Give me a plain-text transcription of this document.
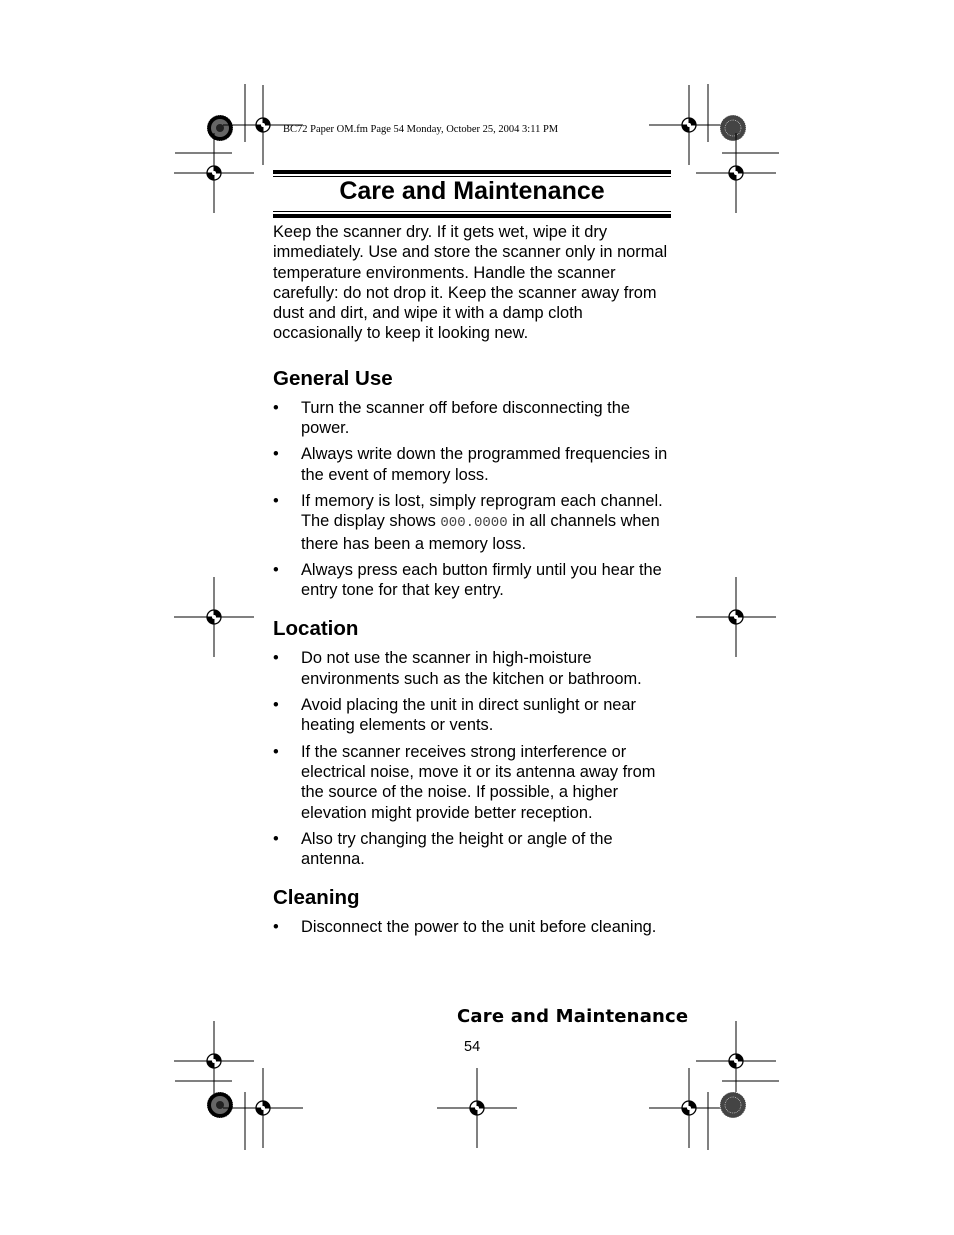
BC72 Paper OM.fm Page 54 Monday, October 25, 2004 3:11 PM
Care and Maintenance

Keep the scanner dry. If it gets wet, wipe it dry immediately. Use and store the scanner only in normal temperature environments. Handle the scanner carefully: do not drop it. Keep the scanner away from dust and dirt, and wipe it with a damp cloth occasionally to keep it looking new.

General Use
• Turn the scanner off before disconnecting the power.
• Always write down the programmed frequencies in the event of memory loss.
• If memory is lost, simply reprogram each channel. The display shows 000.0000 in all channels when there has been a memory loss.
• Always press each button firmly until you hear the entry tone for that key entry.
Location
• Do not use the scanner in high-moisture environments such as the kitchen or bathroom.
• Avoid placing the unit in direct sunlight or near heating elements or vents.
• If the scanner receives strong interference or electrical noise, move it or its antenna away from the source of the noise. If possible, a higher elevation might provide better reception.
• Also try changing the height or angle of the antenna.
Cleaning
• Disconnect the power to the unit before cleaning.
Care and Maintenance
54
